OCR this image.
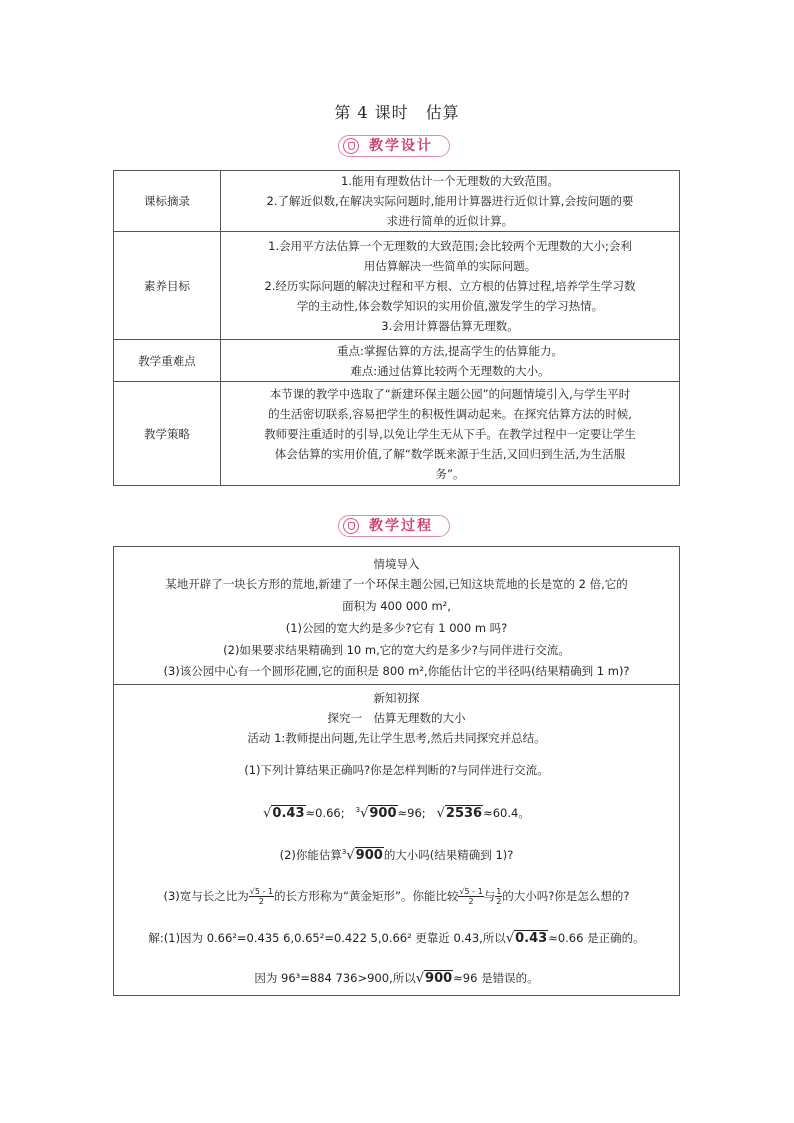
第 4 课时　估算
教学设计
课标摘录	1.能用有理数估计一个无理数的大致范围。
2.了解近似数,在解决实际问题时,能用计算器进行近似计算,会按问题的要
求进行简单的近似计算。

素养目标	1.会用平方法估算一个无理数的大致范围;会比较两个无理数的大小;会利
用估算解决一些简单的实际问题。
2.经历实际问题的解决过程和平方根、立方根的估算过程,培养学生学习数
学的主动性,体会数学知识的实用价值,激发学生的学习热情。
3.会用计算器估算无理数。

教学重难点	重点:掌握估算的方法,提高学生的估算能力。
难点:通过估算比较两个无理数的大小。

教学策略	本节课的教学中选取了“新建环保主题公园”的问题情境引入,与学生平时
的生活密切联系,容易把学生的积极性调动起来。在探究估算方法的时候,
教师要注重适时的引导,以免让学生无从下手。在教学过程中一定要让学生
体会估算的实用价值,了解“数学既来源于生活,又回归到生活,为生活服
务”。
教学过程
情境导入
某地开辟了一块长方形的荒地,新建了一个环保主题公园,已知这块荒地的长是宽的 2 倍,它的
面积为 400 000 m²,
(1)公园的宽大约是多少?它有 1 000 m 吗?
(2)如果要求结果精确到 10 m,它的宽大约是多少?与同伴进行交流。
(3)该公园中心有一个圆形花圃,它的面积是 800 m²,你能估计它的半径吗(结果精确到 1 m)?
新知初探
探究一　估算无理数的大小
活动 1:教师提出问题,先让学生思考,然后共同探究并总结。
(1)下列计算结果正确吗?你是怎样判断的?与同伴进行交流。
√0.43≈0.66; $^3$√900≈96; √2536≈60.4。
(2)你能估算$^3$√900的大小吗(结果精确到 1)?
(3)宽与长之比为 $\frac{√5 - 1}{2}$ 的长方形称为“黄金矩形”。你能比较 $\frac{√5 - 1}{2}$ 与 $\frac{1}{2}$ 的大小吗?你是怎么想的?
解:(1)因为 0.66²=0.435 6,0.65²=0.422 5,0.66² 更靠近 0.43,所以√0.43≈0.66 是正确的。
因为 96³=884 736>900,所以√900≈96 是错误的。
